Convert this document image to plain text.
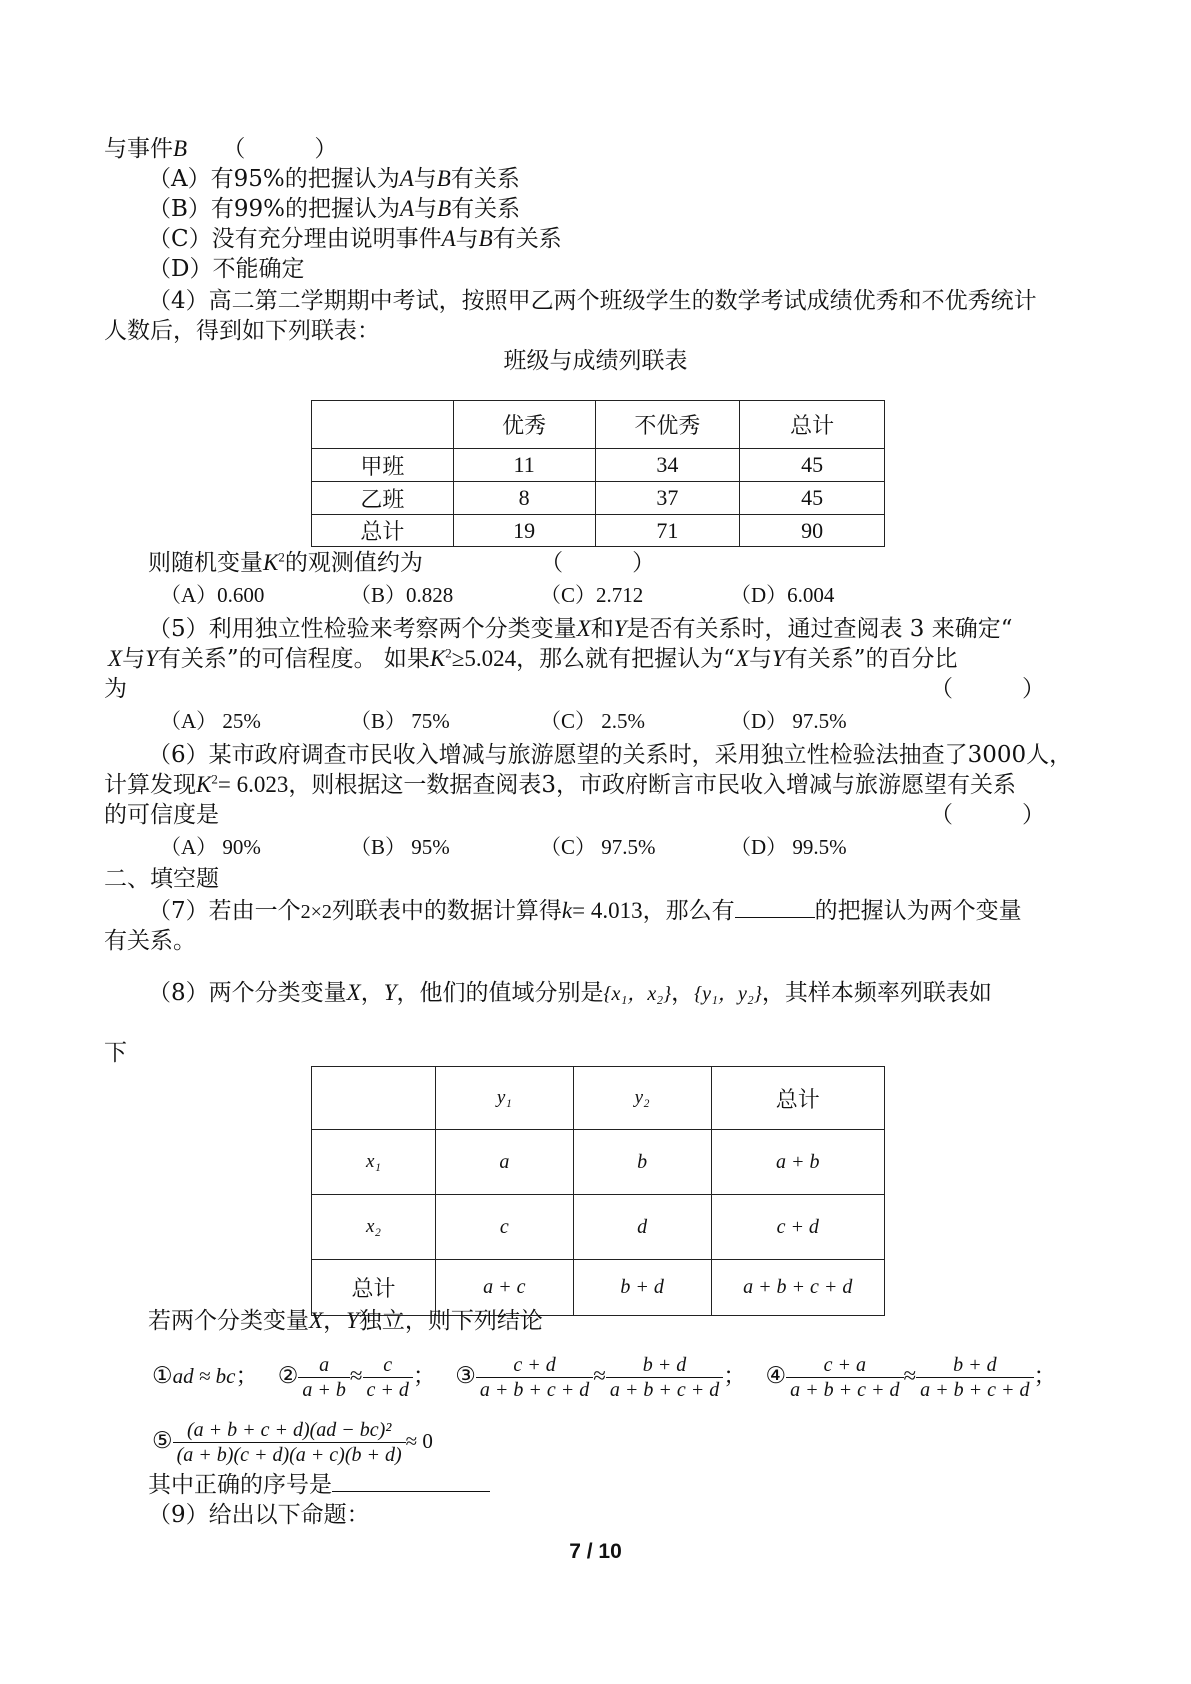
与事件B （　　　）
（A）有95%的把握认为A与B有关系
（B）有99%的把握认为A与B有关系
（C）没有充分理由说明事件A与B有关系
（D）不能确定
（4）高二第二学期期中考试，按照甲乙两个班级学生的数学考试成绩优秀和不优秀统计
人数后，得到如下列联表：
班级与成绩列联表
	优秀	不优秀	总计
甲班	11	34	45
乙班	8	37	45
总计	19	71	90
则随机变量$K^2$的观测值约为	（　　　）
（A）0.600	（B）0.828	（C）2.712	（D）6.004
（5）利用独立性检验来考察两个分类变量X和Y是否有关系时，通过查阅表 3 来确定“
X与Y有关系”的可信程度。 如果$K^2\ge 5.024$，那么就有把握认为“X与Y有关系”的百分比
为	（　　　）
（A） 25%	（B） 75%	（C） 2.5%	（D） 97.5%
（6）某市政府调查市民收入增减与旅游愿望的关系时，采用独立性检验法抽查了3000人，
计算发现$K^2= 6.023$，则根据这一数据查阅表3，市政府断言市民收入增减与旅游愿望有关系
的可信度是	（　　　）
（A） 90%	（B） 95%	（C） 97.5%	（D） 99.5%
二、填空题
（7）若由一个2×2列联表中的数据计算得k= 4.013，那么有	的把握认为两个变量
有关系。
（8）两个分类变量X，Y，他们的值域分别是{x₁，x₂}，{y₁，y₂}，其样本频率列联表如
下
	y₁	y₂	总计
x₁	a	b	a + b
x₂	c	d	c + d
总计	a + c	b + d	a + b + c + d
若两个分类变量X，Y独立，则下列结论
①ad ≈ bc； ② $\frac{a}{a + b} \approx \frac{c}{c + d}$ ； ③ $\frac{c + d}{a + b + c + d} \approx \frac{b + d}{a + b + c + d}$ ； ④ $\frac{c + a}{a + b + c + d} \approx \frac{b + d}{a + b + c + d}$ ；
⑤ $\frac{\text{(a + b + c + d)(ad − bc)²}}{(a + b)(c + d)(a + c)(b + d)} \approx 0$
其中正确的序号是
（9）给出以下命题：
7 / 10
